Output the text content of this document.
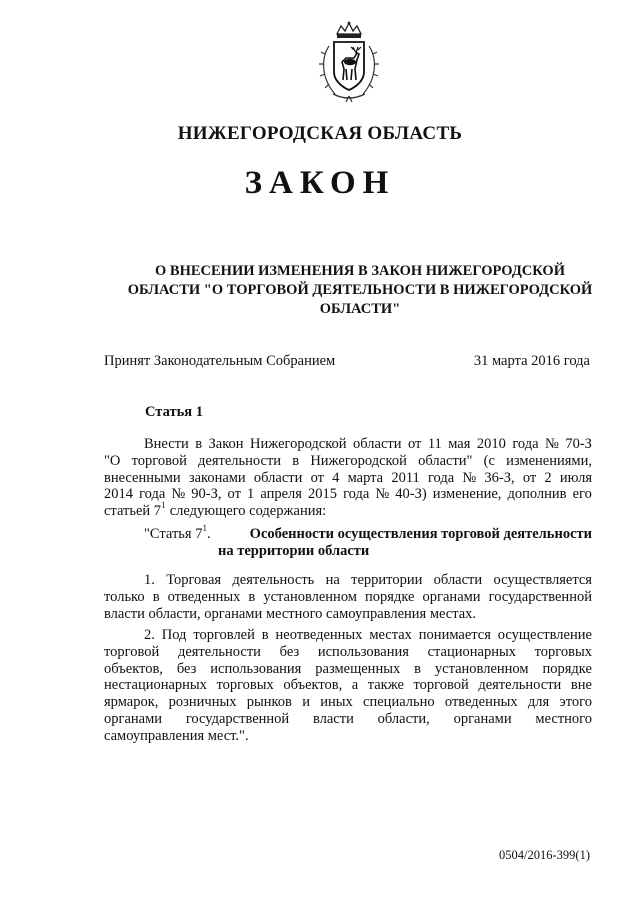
НИЖЕГОРОДСКАЯ ОБЛАСТЬ
ЗАКОН
О ВНЕСЕНИИ ИЗМЕНЕНИЯ В ЗАКОН НИЖЕГОРОДСКОЙ
ОБЛАСТИ "О ТОРГОВОЙ ДЕЯТЕЛЬНОСТИ В НИЖЕГОРОДСКОЙ
ОБЛАСТИ"
Принят Законодательным Собранием	31 марта 2016 года
Статья 1
Внести в Закон Нижегородской области от 11 мая 2010 года № 70-З
"О торговой деятельности в Нижегородской области" (с изменениями,
внесенными законами области от 4 марта 2011 года № 36-З, от 2 июля
2014 года № 90-З, от 1 апреля 2015 года № 40-З) изменение, дополнив его
статьей $7^1$ следующего содержания:
"Статья $7^1$.	Особенности осуществления торговой деятельности
на территории области
1. Торговая деятельность на территории области осуществляется
только в отведенных в установленном порядке органами государственной
власти области, органами местного самоуправления местах.
2. Под торговлей в неотведенных местах понимается осуществление
торговой деятельности без использования стационарных торговых
объектов, без использования размещенных в установленном порядке
нестационарных торговых объектов, а также торговой деятельности вне
ярмарок, розничных рынков и иных специально отведенных для этого
органами государственной власти области, органами местного
самоуправления мест.".
0504/2016-399(1)
